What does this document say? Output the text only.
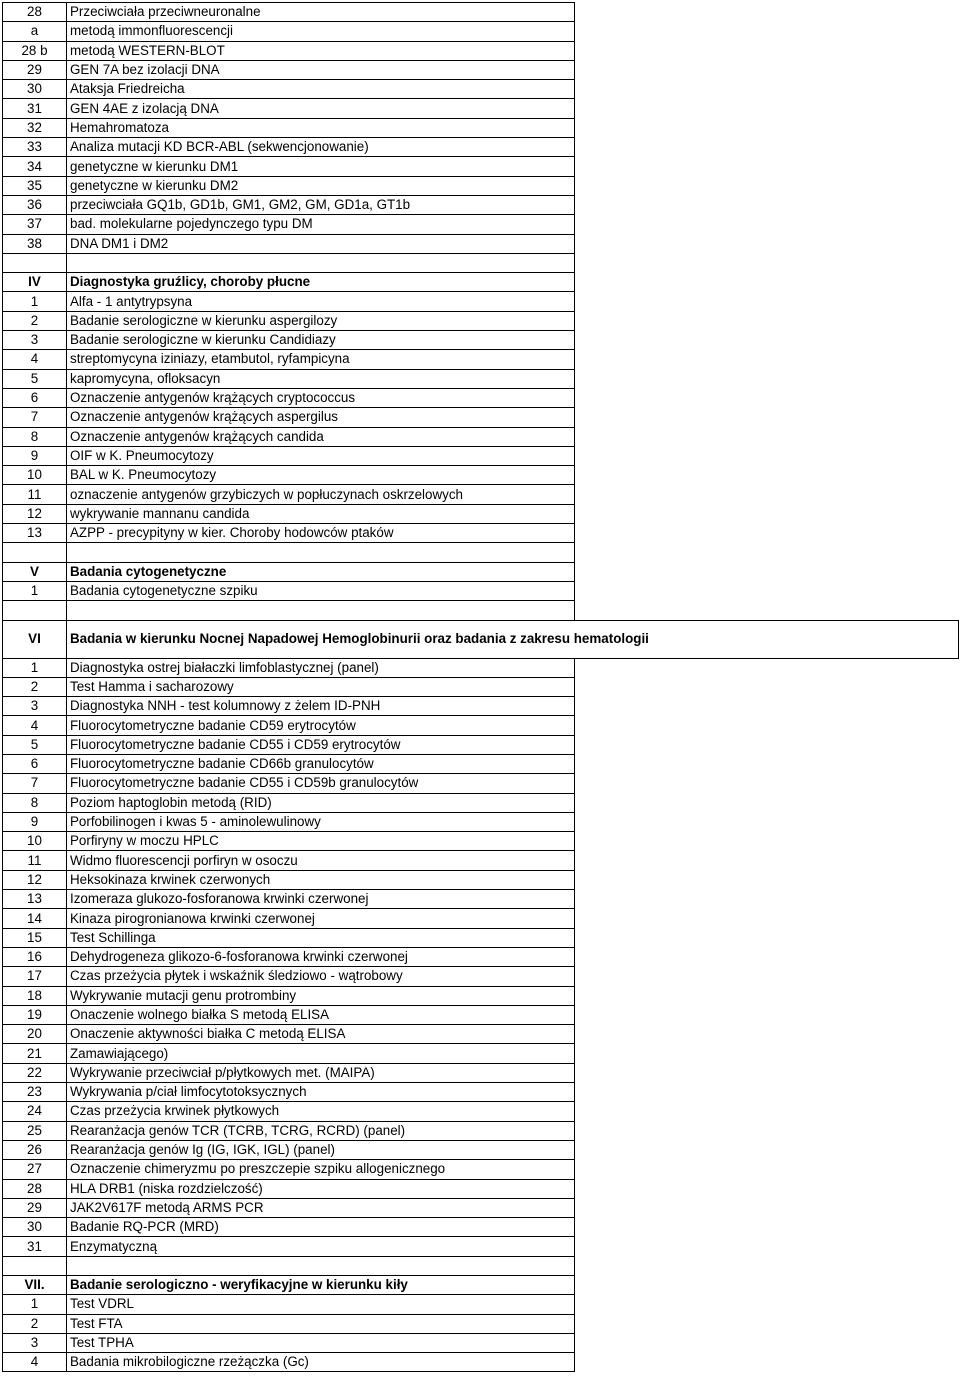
28	Przeciwciała przeciwneuronalne	
a	metodą immonfluorescencji	
28 b	metodą WESTERN-BLOT	
29	GEN 7A bez izolacji DNA	
30	Ataksja Friedreicha	
31	GEN 4AE z izolacją DNA	
32	Hemahromatoza	
33	Analiza mutacji KD BCR-ABL (sekwencjonowanie)	
34	genetyczne w kierunku DM1	
35	genetyczne w kierunku DM2	
36	przeciwciała GQ1b, GD1b, GM1, GM2, GM, GD1a, GT1b	
37	bad. molekularne pojedynczego typu DM	
38	DNA DM1 i DM2	

IV	Diagnostyka gruźlicy, choroby płucne	
1	Alfa - 1 antytrypsyna	
2	Badanie serologiczne w kierunku aspergilozy	
3	Badanie serologiczne w kierunku Candidiazy	
4	streptomycyna iziniazy, etambutol, ryfampicyna	
5	kapromycyna, ofloksacyn	
6	Oznaczenie antygenów krążących cryptococcus	
7	Oznaczenie antygenów krążących aspergilus	
8	Oznaczenie antygenów krążących candida	
9	OIF w K. Pneumocytozy	
10	BAL w K. Pneumocytozy	
11	oznaczenie antygenów grzybiczych w popłuczynach oskrzelowych	
12	wykrywanie mannanu candida	
13	AZPP - precypityny w kier. Choroby hodowców ptaków	

V	Badania cytogenetyczne	
1	Badania cytogenetyczne szpiku	

VI	Badania w kierunku Nocnej Napadowej Hemoglobinurii oraz badania z zakresu hematologii	
1	Diagnostyka ostrej białaczki limfoblastycznej (panel)	
2	Test Hamma i sacharozowy	
3	Diagnostyka NNH - test kolumnowy z żelem ID-PNH	
4	Fluorocytometryczne badanie CD59 erytrocytów	
5	Fluorocytometryczne badanie CD55 i CD59 erytrocytów	
6	Fluorocytometryczne badanie CD66b granulocytów	
7	Fluorocytometryczne badanie CD55 i CD59b granulocytów	
8	Poziom haptoglobin metodą (RID)	
9	Porfobilinogen i kwas 5 - aminolewulinowy	
10	Porfiryny w moczu HPLC	
11	Widmo fluorescencji porfiryn w osoczu	
12	Heksokinaza krwinek czerwonych	
13	Izomeraza glukozo-fosforanowa krwinki czerwonej	
14	Kinaza pirogronianowa krwinki czerwonej	
15	Test Schillinga	
16	Dehydrogeneza glikozo-6-fosforanowa krwinki czerwonej	
17	Czas przeżycia płytek i wskaźnik śledziowo - wątrobowy	
18	Wykrywanie mutacji genu protrombiny	
19	Onaczenie wolnego białka S metodą ELISA	
20	Onaczenie aktywności białka C metodą ELISA	
21	Zamawiającego)	
22	Wykrywanie przeciwciał p/płytkowych met. (MAIPA)	
23	Wykrywania p/ciał limfocytotoksycznych	
24	Czas przeżycia krwinek płytkowych	
25	Rearanżacja genów TCR (TCRB, TCRG, RCRD) (panel)	
26	Rearanżacja genów Ig (IG, IGK, IGL) (panel)	
27	Oznaczenie chimeryzmu po preszczepie szpiku allogenicznego	
28	HLA DRB1 (niska rozdzielczość)	
29	JAK2V617F metodą ARMS PCR	
30	Badanie RQ-PCR (MRD)	
31	Enzymatyczną	

VII.	Badanie serologiczno - weryfikacyjne w kierunku kiły	
1	Test VDRL	
2	Test FTA	
3	Test TPHA	
4	Badania mikrobilogiczne rzeżączka (Gc)	
